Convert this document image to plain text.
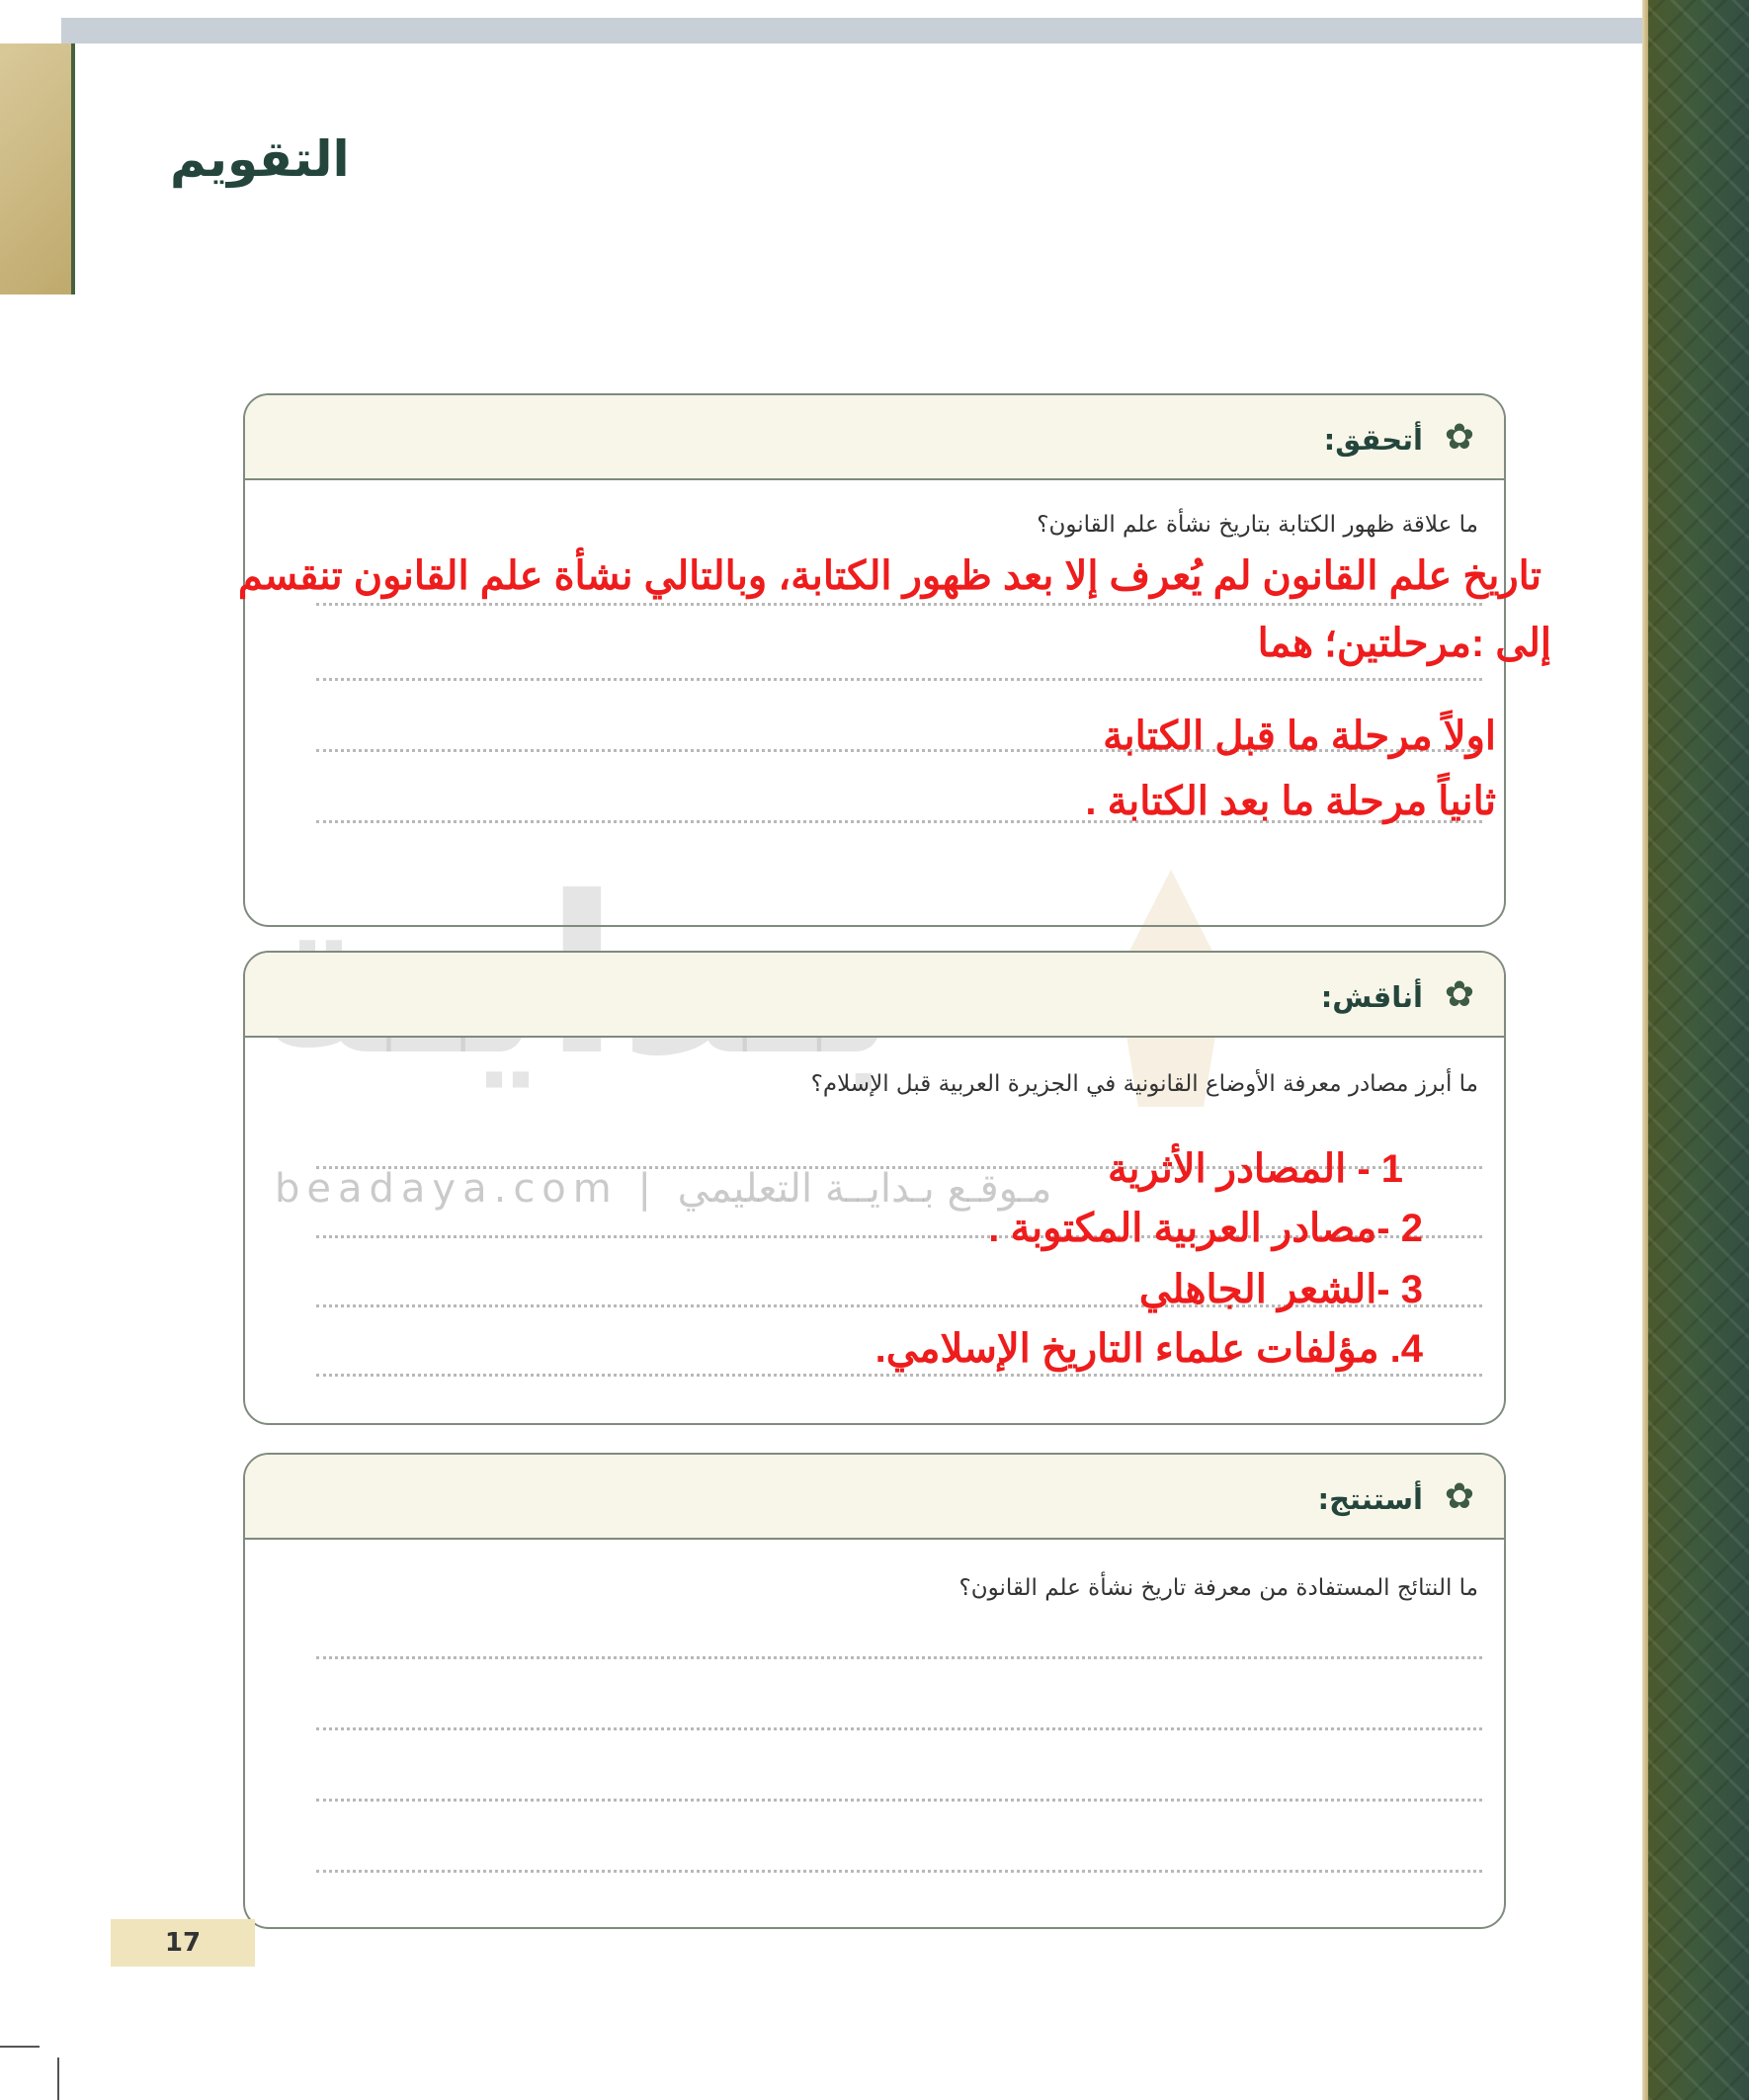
التقويم
beadaya.com | مـوقـع بـدايــة التعليمي
✿
أتحقق:
ما علاقة ظهور الكتابة بتاريخ نشأة علم القانون؟
✿
أناقش:
ما أبرز مصادر معرفة الأوضاع القانونية في الجزيرة العربية قبل الإسلام؟
✿
أستنتج:
ما النتائج المستفادة من معرفة تاريخ نشأة علم القانون؟
تاريخ علم القانون لم يُعرف إلا بعد ظهور الكتابة، وبالتالي نشأة علم القانون تنقسم
إلى :مرحلتين؛ هما
اولاً مرحلة ما قبل الكتابة
ثانياً مرحلة ما بعد الكتابة .
1 - المصادر الأثرية
2 -مصادر العربية المكتوبة .
3 -الشعر الجاهلي
4. مؤلفات علماء التاريخ الإسلامي.
17
